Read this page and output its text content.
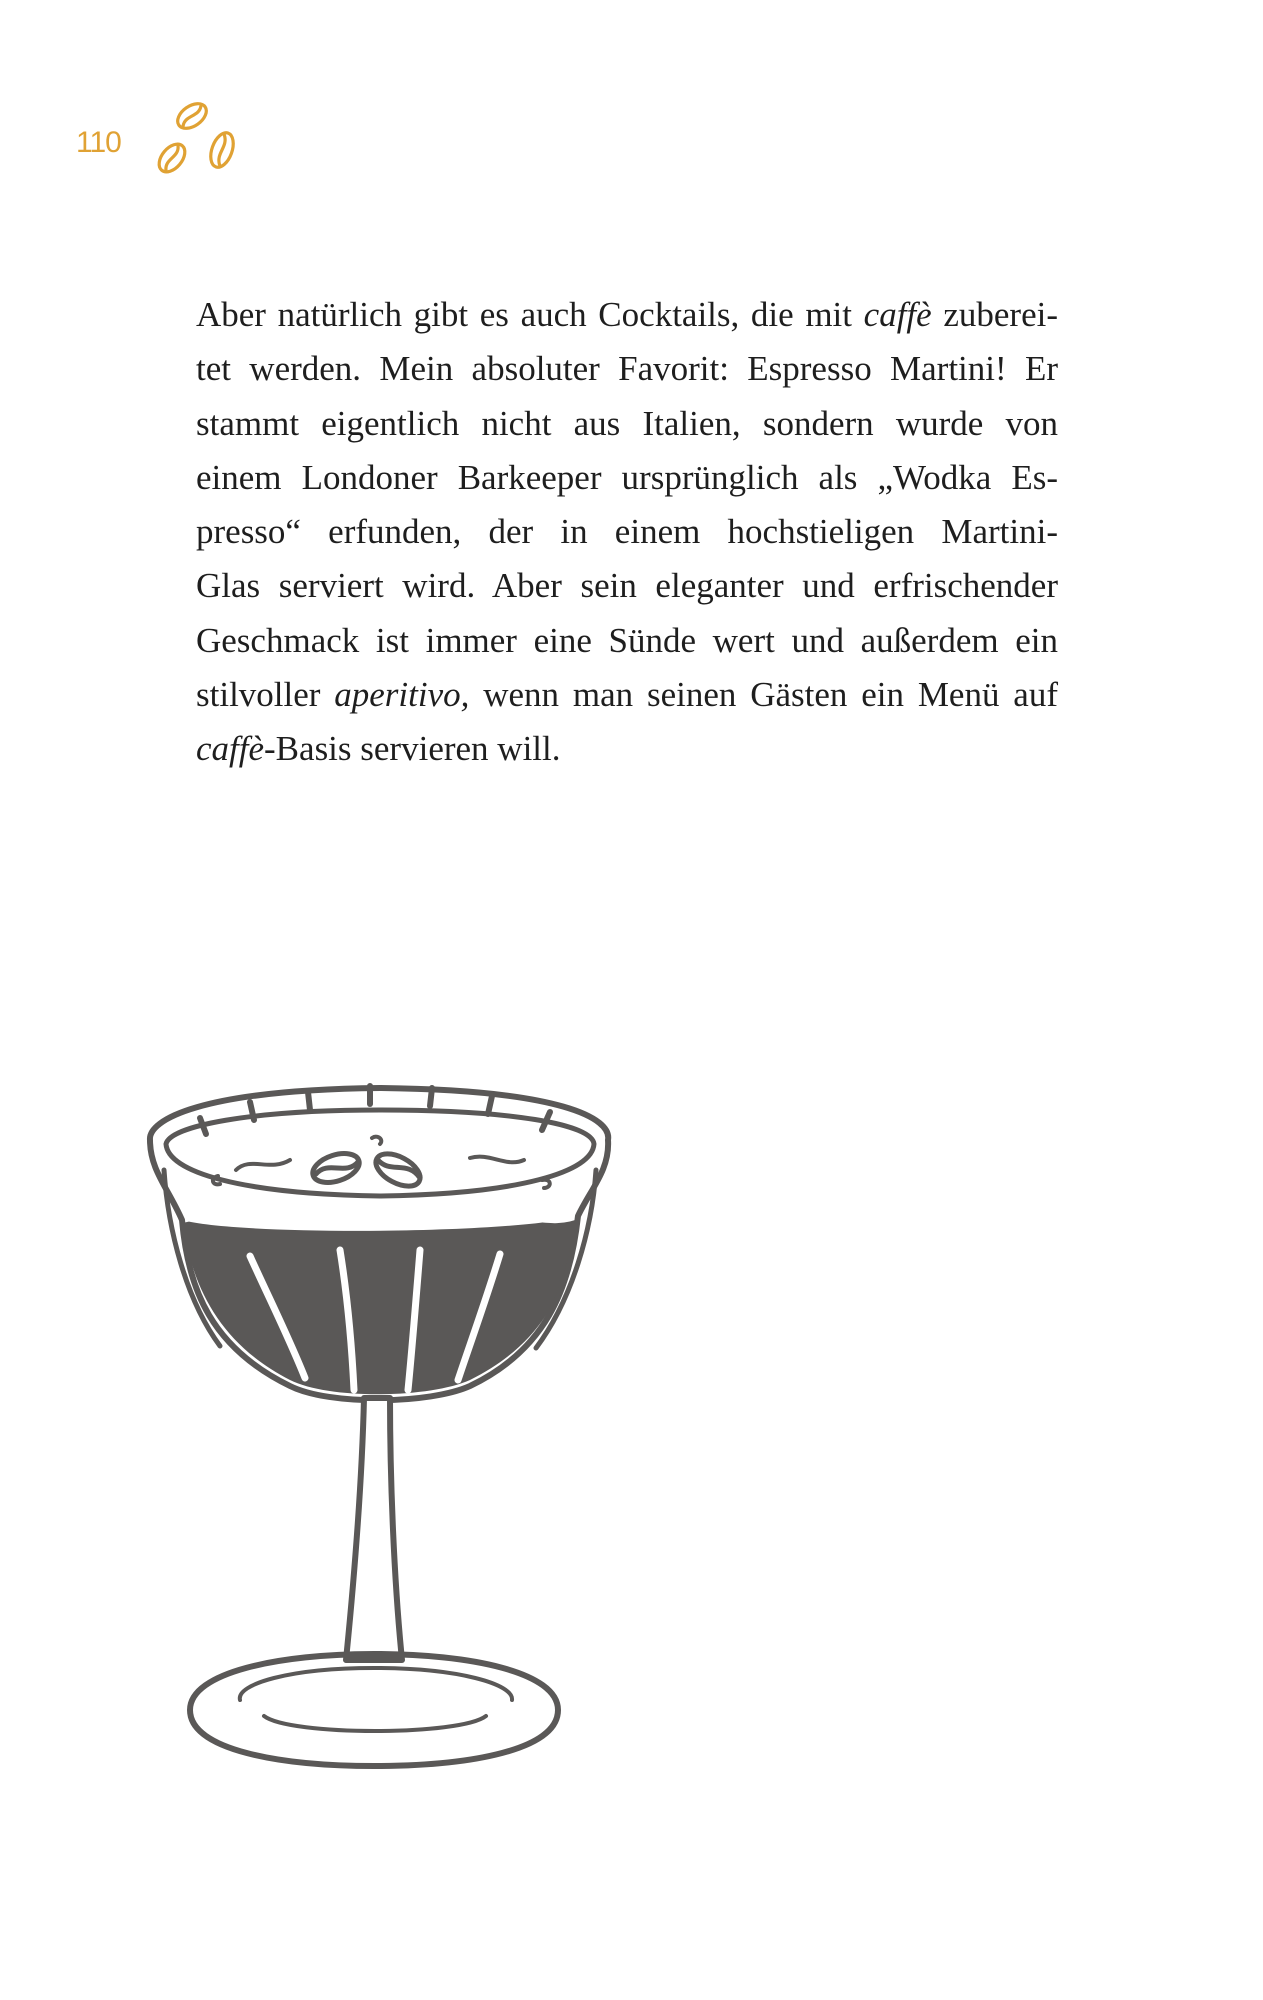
110
Aber natürlich gibt es auch Cocktails, die mit caffè zuberei-
tet werden. Mein absoluter Favorit: Espresso Martini! Er
stammt eigentlich nicht aus Italien, sondern wurde von
einem Londoner Barkeeper ursprünglich als „Wodka Es-
presso“ erfunden, der in einem hochstieligen Martini-
Glas serviert wird. Aber sein eleganter und erfrischender
Geschmack ist immer eine Sünde wert und außerdem ein
stilvoller aperitivo, wenn man seinen Gästen ein Menü auf
caffè-Basis servieren will.
